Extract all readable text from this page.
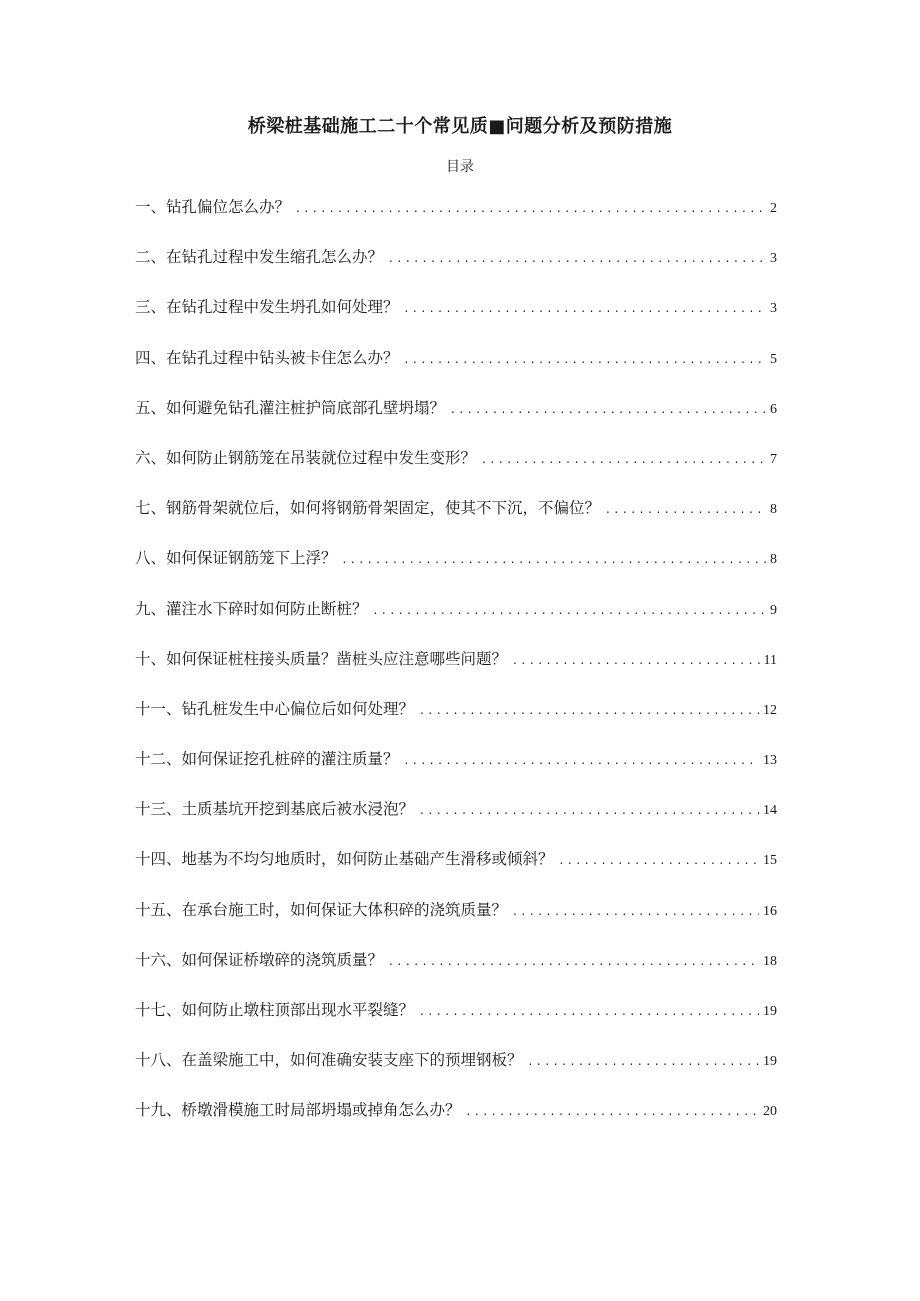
桥梁桩基础施工二十个常见质■问题分析及预防措施
目录
一、钻孔偏位怎么办？ .....	2
二、在钻孔过程中发生缩孔怎么办？ .....	3
三、在钻孔过程中发生坍孔如何处理？ .....	3
四、在钻孔过程中钻头被卡住怎么办？ .....	5
五、如何避免钻孔灌注桩护筒底部孔壁坍塌？ .....	6
六、如何防止钢筋笼在吊装就位过程中发生变形？ .....	7
七、钢筋骨架就位后，如何将钢筋骨架固定，使其不下沉，不偏位？ .....	8
八、如何保证钢筋笼下上浮？ .....	8
九、灌注水下碎时如何防止断桩？ .....	9
十、如何保证桩柱接头质量？凿桩头应注意哪些问题？ .....	11
十一、钻孔桩发生中心偏位后如何处理？ .....	12
十二、如何保证挖孔桩碎的灌注质量？ .....	13
十三、土质基坑开挖到基底后被水浸泡？ .....	14
十四、地基为不均匀地质时，如何防止基础产生滑移或倾斜？ .....	15
十五、在承台施工时，如何保证大体积碎的浇筑质量？ .....	16
十六、如何保证桥墩碎的浇筑质量？ .....	18
十七、如何防止墩柱顶部出现水平裂缝？ .....	19
十八、在盖梁施工中，如何准确安装支座下的预埋钢板？ .....	19
十九、桥墩滑模施工时局部坍塌或掉角怎么办？ .....	20
